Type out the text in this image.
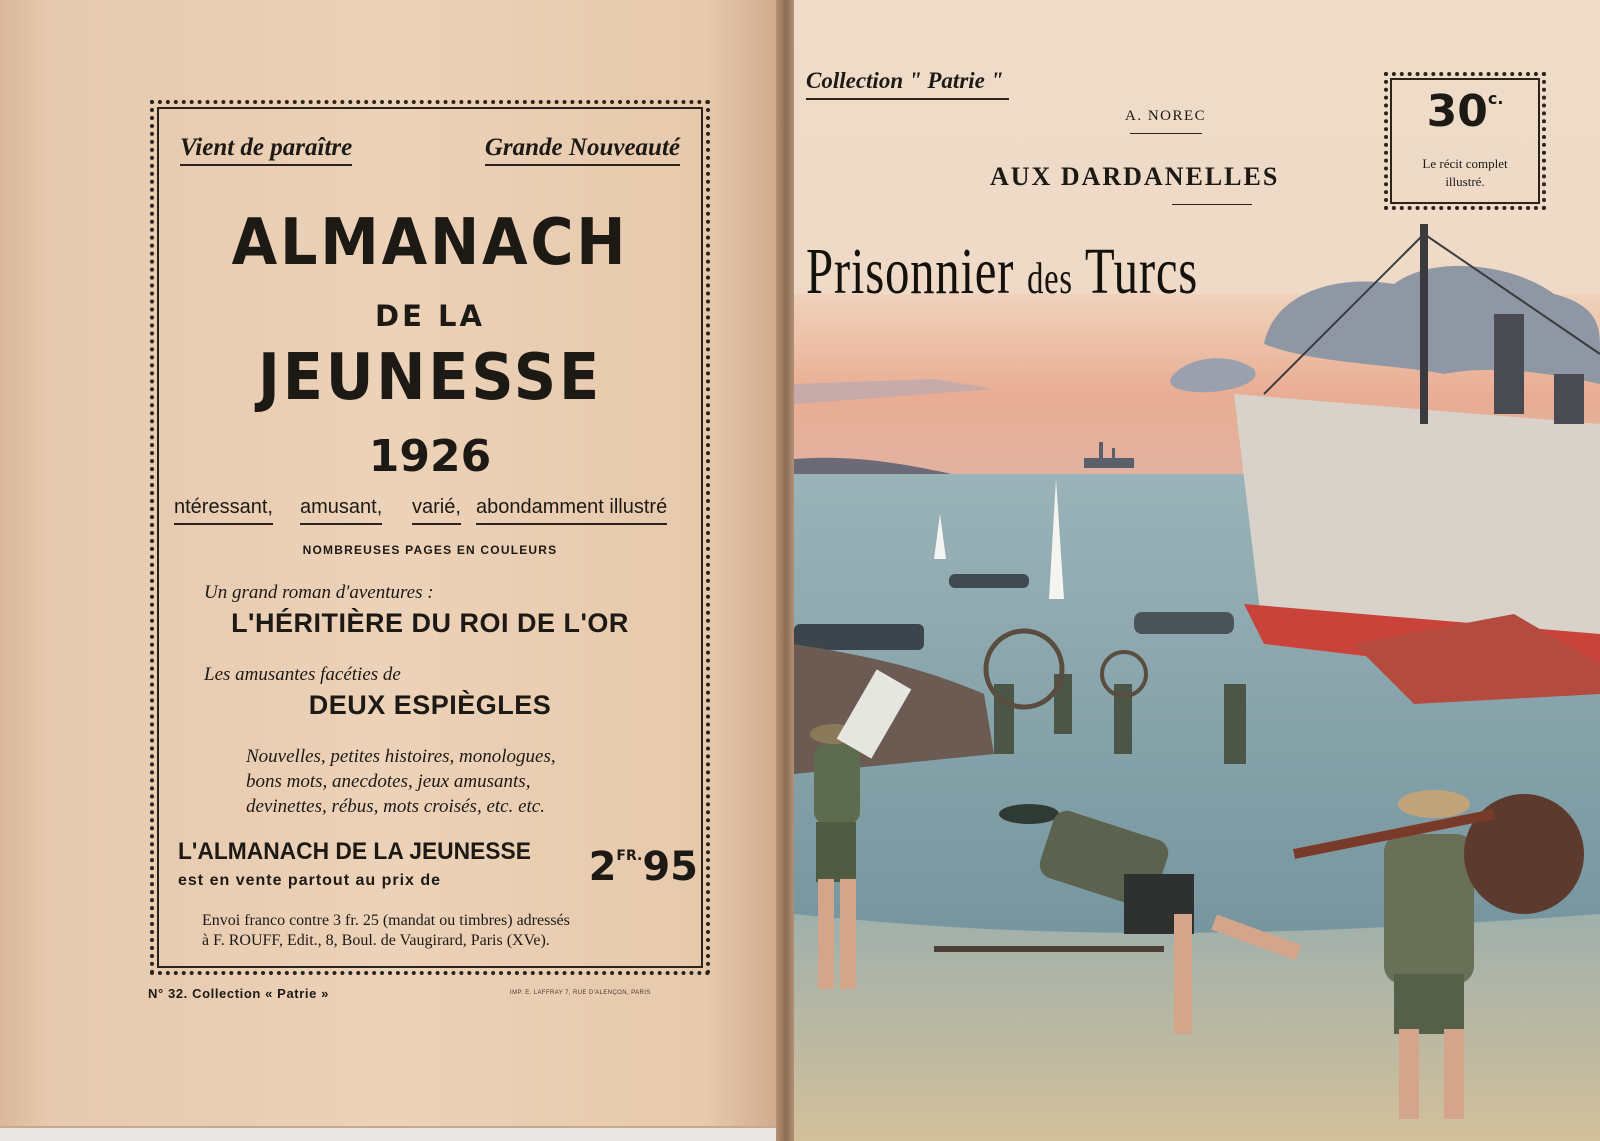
Vient de paraître	Grande Nouveauté
ALMANACH
DE LA
JEUNESSE
1926
ntéressant, amusant, varié, abondamment illustré
NOMBREUSES PAGES EN COULEURS
Un grand roman d'aventures :
L'HÉRITIÈRE DU ROI DE L'OR
Les amusantes facéties de
DEUX ESPIÈGLES
Nouvelles, petites histoires, monologues,
bons mots, anecdotes, jeux amusants,
devinettes, rébus, mots croisés, etc. etc.
L'ALMANACH DE LA JEUNESSE
est en vente partout au prix de	$2^{FR.}95$
Envoi franco contre 3 fr. 25 (mandat ou timbres) adressés
à F. ROUFF, Edit., 8, Boul. de Vaugirard, Paris (XVe).
N° 32. Collection « Patrie »	IMP. E. LAFFRAY 7, RUE D'ALENÇON, PARIS
Collection " Patrie "
A. NOREC
AUX DARDANELLES
$30^{c.}$
Le récit complet
illustré.
Prisonnier des Turcs
